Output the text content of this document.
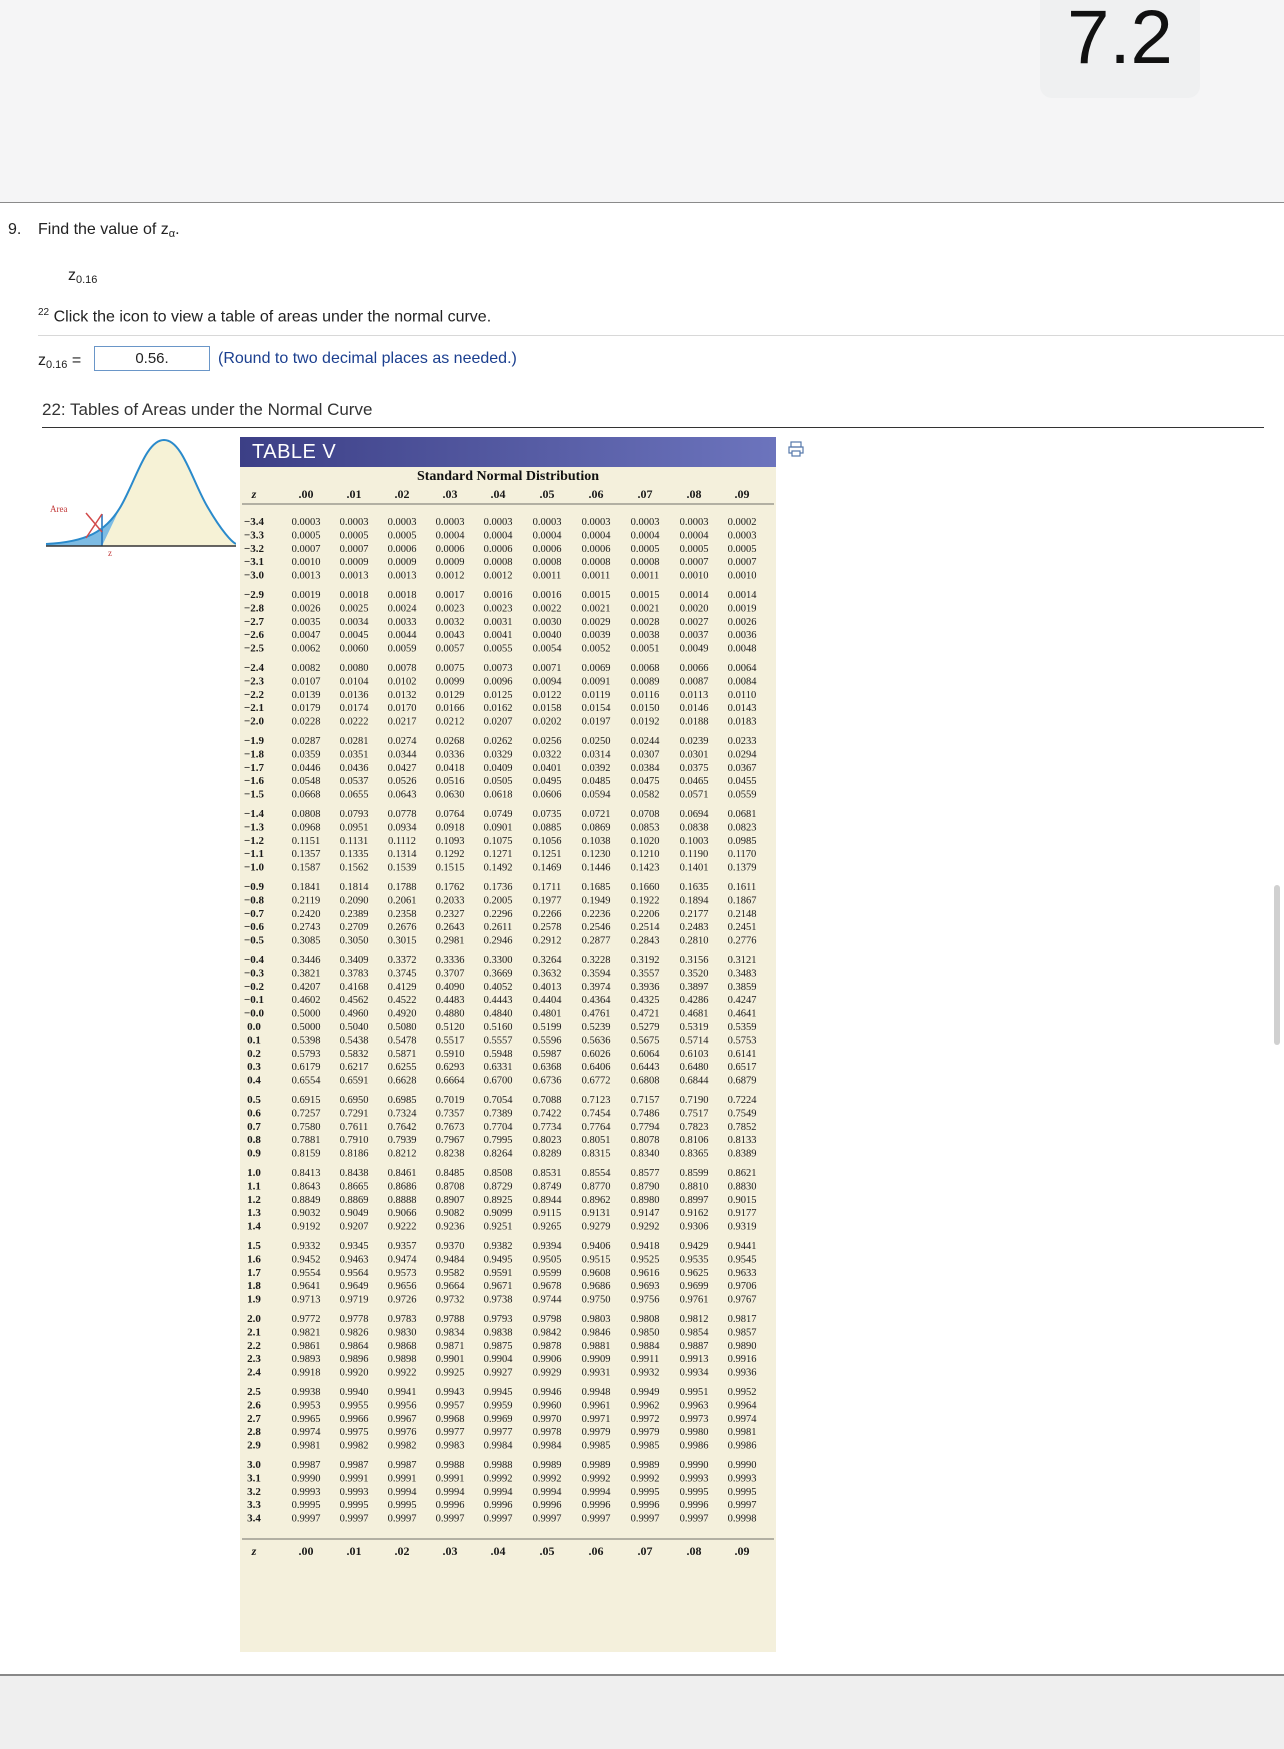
7.2
9. Find the value of zα.
z0.16
$^{22}$ Click the icon to view a table of areas under the normal curve.
z0.16 =	0.56.	(Round to two decimal places as needed.)
22: Tables of Areas under the Normal Curve
Area
z
TABLE V
Standard Normal Distribution
z	.00	.01	.02	.03	.04	.05	.06	.07	.08	.09
−3.4	0.0003 0.0003 0.0003 0.0003 0.0003 0.0003 0.0003 0.0003 0.0003 0.0002
−3.3	0.0005 0.0005 0.0005 0.0004 0.0004 0.0004 0.0004 0.0004 0.0004 0.0003
−3.2	0.0007 0.0007 0.0006 0.0006 0.0006 0.0006 0.0006 0.0005 0.0005 0.0005
−3.1	0.0010 0.0009 0.0009 0.0009 0.0008 0.0008 0.0008 0.0008 0.0007 0.0007
−3.0	0.0013 0.0013 0.0013 0.0012 0.0012 0.0011 0.0011 0.0011 0.0010 0.0010
−2.9	0.0019 0.0018 0.0018 0.0017 0.0016 0.0016 0.0015 0.0015 0.0014 0.0014
−2.8	0.0026 0.0025 0.0024 0.0023 0.0023 0.0022 0.0021 0.0021 0.0020 0.0019
−2.7	0.0035 0.0034 0.0033 0.0032 0.0031 0.0030 0.0029 0.0028 0.0027 0.0026
−2.6	0.0047 0.0045 0.0044 0.0043 0.0041 0.0040 0.0039 0.0038 0.0037 0.0036
−2.5	0.0062 0.0060 0.0059 0.0057 0.0055 0.0054 0.0052 0.0051 0.0049 0.0048
−2.4	0.0082 0.0080 0.0078 0.0075 0.0073 0.0071 0.0069 0.0068 0.0066 0.0064
−2.3	0.0107 0.0104 0.0102 0.0099 0.0096 0.0094 0.0091 0.0089 0.0087 0.0084
−2.2	0.0139 0.0136 0.0132 0.0129 0.0125 0.0122 0.0119 0.0116 0.0113 0.0110
−2.1	0.0179 0.0174 0.0170 0.0166 0.0162 0.0158 0.0154 0.0150 0.0146 0.0143
−2.0	0.0228 0.0222 0.0217 0.0212 0.0207 0.0202 0.0197 0.0192 0.0188 0.0183
−1.9	0.0287 0.0281 0.0274 0.0268 0.0262 0.0256 0.0250 0.0244 0.0239 0.0233
−1.8	0.0359 0.0351 0.0344 0.0336 0.0329 0.0322 0.0314 0.0307 0.0301 0.0294
−1.7	0.0446 0.0436 0.0427 0.0418 0.0409 0.0401 0.0392 0.0384 0.0375 0.0367
−1.6	0.0548 0.0537 0.0526 0.0516 0.0505 0.0495 0.0485 0.0475 0.0465 0.0455
−1.5	0.0668 0.0655 0.0643 0.0630 0.0618 0.0606 0.0594 0.0582 0.0571 0.0559
−1.4	0.0808 0.0793 0.0778 0.0764 0.0749 0.0735 0.0721 0.0708 0.0694 0.0681
−1.3	0.0968 0.0951 0.0934 0.0918 0.0901 0.0885 0.0869 0.0853 0.0838 0.0823
−1.2	0.1151 0.1131 0.1112 0.1093 0.1075 0.1056 0.1038 0.1020 0.1003 0.0985
−1.1	0.1357 0.1335 0.1314 0.1292 0.1271 0.1251 0.1230 0.1210 0.1190 0.1170
−1.0	0.1587 0.1562 0.1539 0.1515 0.1492 0.1469 0.1446 0.1423 0.1401 0.1379
−0.9	0.1841 0.1814 0.1788 0.1762 0.1736 0.1711 0.1685 0.1660 0.1635 0.1611
−0.8	0.2119 0.2090 0.2061 0.2033 0.2005 0.1977 0.1949 0.1922 0.1894 0.1867
−0.7	0.2420 0.2389 0.2358 0.2327 0.2296 0.2266 0.2236 0.2206 0.2177 0.2148
−0.6	0.2743 0.2709 0.2676 0.2643 0.2611 0.2578 0.2546 0.2514 0.2483 0.2451
−0.5	0.3085 0.3050 0.3015 0.2981 0.2946 0.2912 0.2877 0.2843 0.2810 0.2776
−0.4	0.3446 0.3409 0.3372 0.3336 0.3300 0.3264 0.3228 0.3192 0.3156 0.3121
−0.3	0.3821 0.3783 0.3745 0.3707 0.3669 0.3632 0.3594 0.3557 0.3520 0.3483
−0.2	0.4207 0.4168 0.4129 0.4090 0.4052 0.4013 0.3974 0.3936 0.3897 0.3859
−0.1	0.4602 0.4562 0.4522 0.4483 0.4443 0.4404 0.4364 0.4325 0.4286 0.4247
−0.0	0.5000 0.4960 0.4920 0.4880 0.4840 0.4801 0.4761 0.4721 0.4681 0.4641
0.0	0.5000 0.5040 0.5080 0.5120 0.5160 0.5199 0.5239 0.5279 0.5319 0.5359
0.1	0.5398 0.5438 0.5478 0.5517 0.5557 0.5596 0.5636 0.5675 0.5714 0.5753
0.2	0.5793 0.5832 0.5871 0.5910 0.5948 0.5987 0.6026 0.6064 0.6103 0.6141
0.3	0.6179 0.6217 0.6255 0.6293 0.6331 0.6368 0.6406 0.6443 0.6480 0.6517
0.4	0.6554 0.6591 0.6628 0.6664 0.6700 0.6736 0.6772 0.6808 0.6844 0.6879
0.5	0.6915 0.6950 0.6985 0.7019 0.7054 0.7088 0.7123 0.7157 0.7190 0.7224
0.6	0.7257 0.7291 0.7324 0.7357 0.7389 0.7422 0.7454 0.7486 0.7517 0.7549
0.7	0.7580 0.7611 0.7642 0.7673 0.7704 0.7734 0.7764 0.7794 0.7823 0.7852
0.8	0.7881 0.7910 0.7939 0.7967 0.7995 0.8023 0.8051 0.8078 0.8106 0.8133
0.9	0.8159 0.8186 0.8212 0.8238 0.8264 0.8289 0.8315 0.8340 0.8365 0.8389
1.0	0.8413 0.8438 0.8461 0.8485 0.8508 0.8531 0.8554 0.8577 0.8599 0.8621
1.1	0.8643 0.8665 0.8686 0.8708 0.8729 0.8749 0.8770 0.8790 0.8810 0.8830
1.2	0.8849 0.8869 0.8888 0.8907 0.8925 0.8944 0.8962 0.8980 0.8997 0.9015
1.3	0.9032 0.9049 0.9066 0.9082 0.9099 0.9115 0.9131 0.9147 0.9162 0.9177
1.4	0.9192 0.9207 0.9222 0.9236 0.9251 0.9265 0.9279 0.9292 0.9306 0.9319
1.5	0.9332 0.9345 0.9357 0.9370 0.9382 0.9394 0.9406 0.9418 0.9429 0.9441
1.6	0.9452 0.9463 0.9474 0.9484 0.9495 0.9505 0.9515 0.9525 0.9535 0.9545
1.7	0.9554 0.9564 0.9573 0.9582 0.9591 0.9599 0.9608 0.9616 0.9625 0.9633
1.8	0.9641 0.9649 0.9656 0.9664 0.9671 0.9678 0.9686 0.9693 0.9699 0.9706
1.9	0.9713 0.9719 0.9726 0.9732 0.9738 0.9744 0.9750 0.9756 0.9761 0.9767
2.0	0.9772 0.9778 0.9783 0.9788 0.9793 0.9798 0.9803 0.9808 0.9812 0.9817
2.1	0.9821 0.9826 0.9830 0.9834 0.9838 0.9842 0.9846 0.9850 0.9854 0.9857
2.2	0.9861 0.9864 0.9868 0.9871 0.9875 0.9878 0.9881 0.9884 0.9887 0.9890
2.3	0.9893 0.9896 0.9898 0.9901 0.9904 0.9906 0.9909 0.9911 0.9913 0.9916
2.4	0.9918 0.9920 0.9922 0.9925 0.9927 0.9929 0.9931 0.9932 0.9934 0.9936
2.5	0.9938 0.9940 0.9941 0.9943 0.9945 0.9946 0.9948 0.9949 0.9951 0.9952
2.6	0.9953 0.9955 0.9956 0.9957 0.9959 0.9960 0.9961 0.9962 0.9963 0.9964
2.7	0.9965 0.9966 0.9967 0.9968 0.9969 0.9970 0.9971 0.9972 0.9973 0.9974
2.8	0.9974 0.9975 0.9976 0.9977 0.9977 0.9978 0.9979 0.9979 0.9980 0.9981
2.9	0.9981 0.9982 0.9982 0.9983 0.9984 0.9984 0.9985 0.9985 0.9986 0.9986
3.0	0.9987 0.9987 0.9987 0.9988 0.9988 0.9989 0.9989 0.9989 0.9990 0.9990
3.1	0.9990 0.9991 0.9991 0.9991 0.9992 0.9992 0.9992 0.9992 0.9993 0.9993
3.2	0.9993 0.9993 0.9994 0.9994 0.9994 0.9994 0.9994 0.9995 0.9995 0.9995
3.3	0.9995 0.9995 0.9995 0.9996 0.9996 0.9996 0.9996 0.9996 0.9996 0.9997
3.4	0.9997 0.9997 0.9997 0.9997 0.9997 0.9997 0.9997 0.9997 0.9997 0.9998
z	.00	.01	.02	.03	.04	.05	.06	.07	.08	.09
